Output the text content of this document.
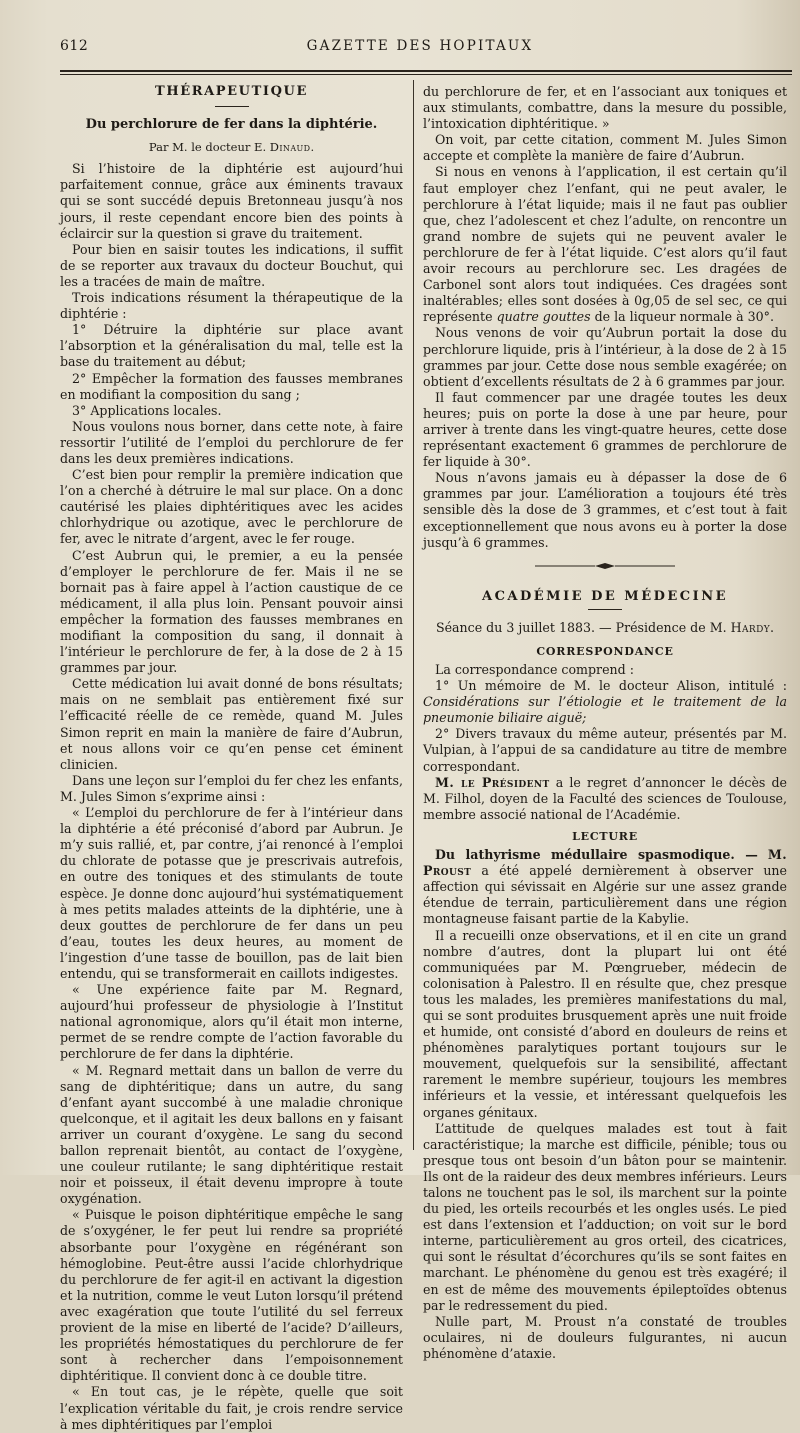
612	GAZETTE DES HOPITAUX
THÉRAPEUTIQUE
Du perchlorure de fer dans la diphtérie.
Par M. le docteur E. Dinaud.

Si l’histoire de la diphtérie est aujourd’hui parfaitement connue, grâce aux éminents travaux qui se sont succédé depuis Bretonneau jusqu’à nos jours, il reste cependant encore bien des points à éclaircir sur la question si grave du traitement.

Pour bien en saisir toutes les indications, il suffit de se reporter aux travaux du docteur Bouchut, qui les a tracées de main de maître.

Trois indications résument la thérapeutique de la diphtérie :

1° Détruire la diphtérie sur place avant l’absorption et la généralisation du mal, telle est la base du traitement au début;

2° Empêcher la formation des fausses membranes en modifiant la composition du sang ;

3° Applications locales.

Nous voulons nous borner, dans cette note, à faire ressortir l’utilité de l’emploi du perchlorure de fer dans les deux premières indications.

C’est bien pour remplir la première indication que l’on a cherché à détruire le mal sur place. On a donc cautérisé les plaies diphtéritiques avec les acides chlorhydrique ou azotique, avec le perchlorure de fer, avec le nitrate d’argent, avec le fer rouge.

C’est Aubrun qui, le premier, a eu la pensée d’employer le perchlorure de fer. Mais il ne se bornait pas à faire appel à l’action caustique de ce médicament, il alla plus loin. Pensant pouvoir ainsi empêcher la formation des fausses membranes en modifiant la composition du sang, il donnait à l’intérieur le perchlorure de fer, à la dose de 2 à 15 grammes par jour.

Cette médication lui avait donné de bons résultats; mais on ne semblait pas entièrement fixé sur l’efficacité réelle de ce remède, quand M. Jules Simon reprit en main la manière de faire d’Aubrun, et nous allons voir ce qu’en pense cet éminent clinicien.

Dans une leçon sur l’emploi du fer chez les enfants, M. Jules Simon s’exprime ainsi :

« L’emploi du perchlorure de fer à l’intérieur dans la diphtérie a été préconisé d’abord par Aubrun. Je m’y suis rallié, et, par contre, j’ai renoncé à l’emploi du chlorate de potasse que je prescrivais autrefois, en outre des toniques et des stimulants de toute espèce. Je donne donc aujourd’hui systématiquement à mes petits malades atteints de la diphtérie, une à deux gouttes de perchlorure de fer dans un peu d’eau, toutes les deux heures, au moment de l’ingestion d’une tasse de bouillon, pas de lait bien entendu, qui se transformerait en caillots indigestes.

« Une expérience faite par M. Regnard, aujourd’hui professeur de physiologie à l’Institut national agronomique, alors qu’il était mon interne, permet de se rendre compte de l’action favorable du perchlorure de fer dans la diphtérie.

« M. Regnard mettait dans un ballon de verre du sang de diphtéritique; dans un autre, du sang d’enfant ayant succombé à une maladie chronique quelconque, et il agitait les deux ballons en y faisant arriver un courant d’oxygène. Le sang du second ballon reprenait bientôt, au contact de l’oxygène, une couleur rutilante; le sang diphtéritique restait noir et poisseux, il était devenu impropre à toute oxygénation.

« Puisque le poison diphtéritique empêche le sang de s’oxygéner, le fer peut lui rendre sa propriété absorbante pour l’oxygène en régénérant son hémoglobine. Peut-être aussi l’acide chlorhydrique du perchlorure de fer agit-il en activant la digestion et la nutrition, comme le veut Luton lorsqu’il prétend avec exagération que toute l’utilité du sel ferreux provient de la mise en liberté de l’acide? D’ailleurs, les propriétés hémostatiques du perchlorure de fer sont à rechercher dans l’empoisonnement diphtéritique. Il convient donc à ce double titre.

« En tout cas, je le répète, quelle que soit l’explication véritable du fait, je crois rendre service à mes diphtéritiques par l’emploi

du perchlorure de fer, et en l’associant aux toniques et aux stimulants, combattre, dans la mesure du possible, l’intoxication diphtéritique. »

On voit, par cette citation, comment M. Jules Simon accepte et complète la manière de faire d’Aubrun.

Si nous en venons à l’application, il est certain qu’il faut employer chez l’enfant, qui ne peut avaler, le perchlorure à l’état liquide; mais il ne faut pas oublier que, chez l’adolescent et chez l’adulte, on rencontre un grand nombre de sujets qui ne peuvent avaler le perchlorure de fer à l’état liquide. C’est alors qu’il faut avoir recours au perchlorure sec. Les dragées de Carbonel sont alors tout indiquées. Ces dragées sont inaltérables; elles sont dosées à 0g,05 de sel sec, ce qui représente quatre gouttes de la liqueur normale à 30°.

Nous venons de voir qu’Aubrun portait la dose du perchlorure liquide, pris à l’intérieur, à la dose de 2 à 15 grammes par jour. Cette dose nous semble exagérée; on obtient d’excellents résultats de 2 à 6 grammes par jour.

Il faut commencer par une dragée toutes les deux heures; puis on porte la dose à une par heure, pour arriver à trente dans les vingt-quatre heures, cette dose représentant exactement 6 grammes de perchlorure de fer liquide à 30°.

Nous n’avons jamais eu à dépasser la dose de 6 grammes par jour. L’amélioration a toujours été très sensible dès la dose de 3 grammes, et c’est tout à fait exceptionnellement que nous avons eu à porter la dose jusqu’à 6 grammes.

ACADÉMIE DE MÉDECINE
Séance du 3 juillet 1883. — Présidence de M. Hardy.
CORRESPONDANCE

La correspondance comprend :

1° Un mémoire de M. le docteur Alison, intitulé : Considérations sur l’étiologie et le traitement de la pneumonie biliaire aiguë;

2° Divers travaux du même auteur, présentés par M. Vulpian, à l’appui de sa candidature au titre de membre correspondant.

M. le Président a le regret d’annoncer le décès de M. Filhol, doyen de la Faculté des sciences de Toulouse, membre associé national de l’Académie.

LECTURE

Du lathyrisme médullaire spasmodique. — M. Proust a été appelé dernièrement à observer une affection qui sévissait en Algérie sur une assez grande étendue de terrain, particulièrement dans une région montagneuse faisant partie de la Kabylie.

Il a recueilli onze observations, et il en cite un grand nombre d’autres, dont la plupart lui ont été communiquées par M. Pœngrueber, médecin de colonisation à Palestro. Il en résulte que, chez presque tous les malades, les premières manifestations du mal, qui se sont produites brusquement après une nuit froide et humide, ont consisté d’abord en douleurs de reins et phénomènes paralytiques portant toujours sur le mouvement, quelquefois sur la sensibilité, affectant rarement le membre supérieur, toujours les membres inférieurs et la vessie, et intéressant quelquefois les organes génitaux.

L’attitude de quelques malades est tout à fait caractéristique; la marche est difficile, pénible; tous ou presque tous ont besoin d’un bâton pour se maintenir. Ils ont de la raideur des deux membres inférieurs. Leurs talons ne touchent pas le sol, ils marchent sur la pointe du pied, les orteils recourbés et les ongles usés. Le pied est dans l’extension et l’adduction; on voit sur le bord interne, particulièrement au gros orteil, des cicatrices, qui sont le résultat d’écorchures qu’ils se sont faites en marchant. Le phénomène du genou est très exagéré; il en est de même des mouvements épileptoïdes obtenus par le redressement du pied.

Nulle part, M. Proust n’a constaté de troubles oculaires, ni de douleurs fulgurantes, ni aucun phénomène d’ataxie.
